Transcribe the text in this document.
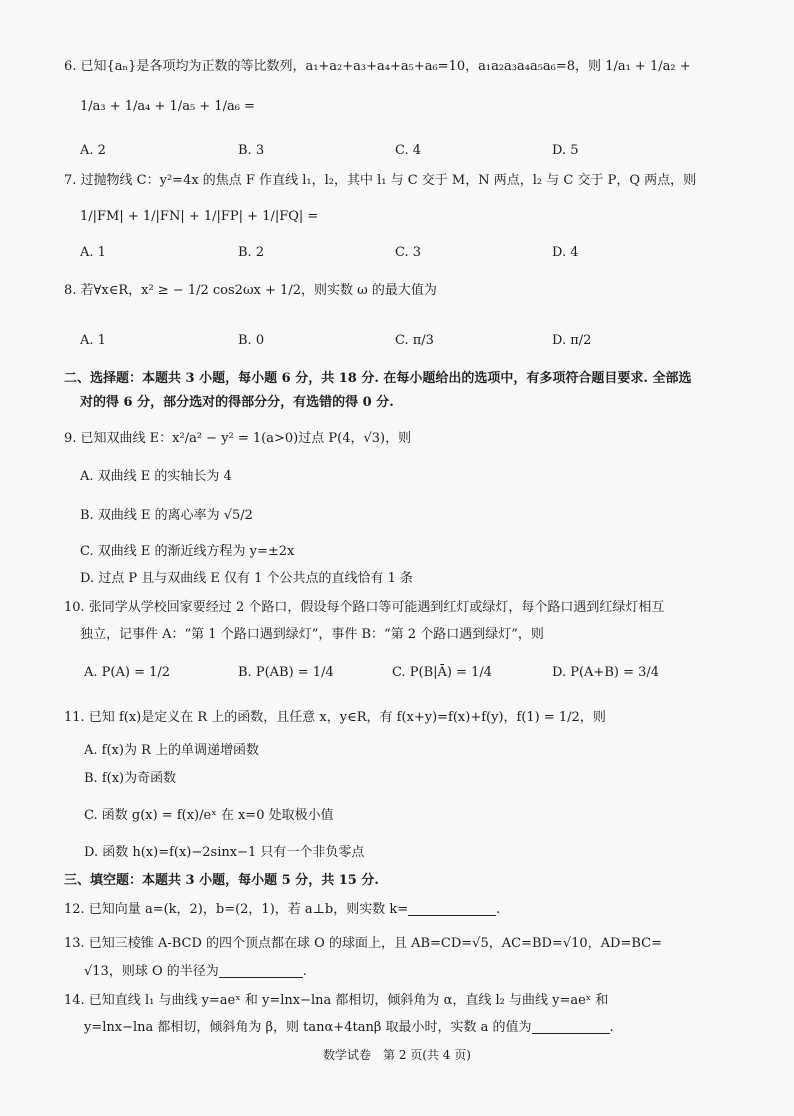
6. 已知{aₙ}是各项均为正数的等比数列，a₁+a₂+a₃+a₄+a₅+a₆=10，a₁a₂a₃a₄a₅a₆=8，则 1/a₁ + 1/a₂ +
1/a₃ + 1/a₄ + 1/a₅ + 1/a₆ =
A. 2	B. 3	C. 4	D. 5
7. 过抛物线 C：y²=4x 的焦点 F 作直线 l₁，l₂，其中 l₁ 与 C 交于 M，N 两点，l₂ 与 C 交于 P，Q 两点，则
1/|FM| + 1/|FN| + 1/|FP| + 1/|FQ| =
A. 1	B. 2	C. 3	D. 4
8. 若∀x∈R，x² ≥ − 1/2 cos2ωx + 1/2，则实数 ω 的最大值为
A. 1	B. 0	C. π/3	D. π/2
二、选择题：本题共 3 小题，每小题 6 分，共 18 分. 在每小题给出的选项中，有多项符合题目要求. 全部选
对的得 6 分，部分选对的得部分分，有选错的得 0 分.
9. 已知双曲线 E：x²/a² − y² = 1(a>0)过点 P(4，√3)，则
A. 双曲线 E 的实轴长为 4
B. 双曲线 E 的离心率为 √5/2
C. 双曲线 E 的渐近线方程为 y=±2x
D. 过点 P 且与双曲线 E 仅有 1 个公共点的直线恰有 1 条
10. 张同学从学校回家要经过 2 个路口，假设每个路口等可能遇到红灯或绿灯，每个路口遇到红绿灯相互
独立，记事件 A：“第 1 个路口遇到绿灯”，事件 B：“第 2 个路口遇到绿灯”，则
A. P(A) = 1/2	B. P(AB) = 1/4	C. P(B|Ā) = 1/4	D. P(A+B) = 3/4
11. 已知 f(x)是定义在 R 上的函数，且任意 x，y∈R，有 f(x+y)=f(x)+f(y)，f(1) = 1/2，则
A. f(x)为 R 上的单调递增函数
B. f(x)为奇函数
C. 函数 g(x) = f(x)/eˣ 在 x=0 处取极小值
D. 函数 h(x)=f(x)−2sinx−1 只有一个非负零点
三、填空题：本题共 3 小题，每小题 5 分，共 15 分.
12. 已知向量 a=(k，2)，b=(2，1)，若 a⊥b，则实数 k=	.
13. 已知三棱锥 A-BCD 的四个顶点都在球 O 的球面上，且 AB=CD=√5，AC=BD=√10，AD=BC=
√13，则球 O 的半径为	.
14. 已知直线 l₁ 与曲线 y=aeˣ 和 y=lnx−lna 都相切，倾斜角为 α，直线 l₂ 与曲线 y=aeˣ 和
y=lnx−lna 都相切，倾斜角为 β，则 tanα+4tanβ 取最小时，实数 a 的值为	.
数学试卷　第 2 页(共 4 页)
